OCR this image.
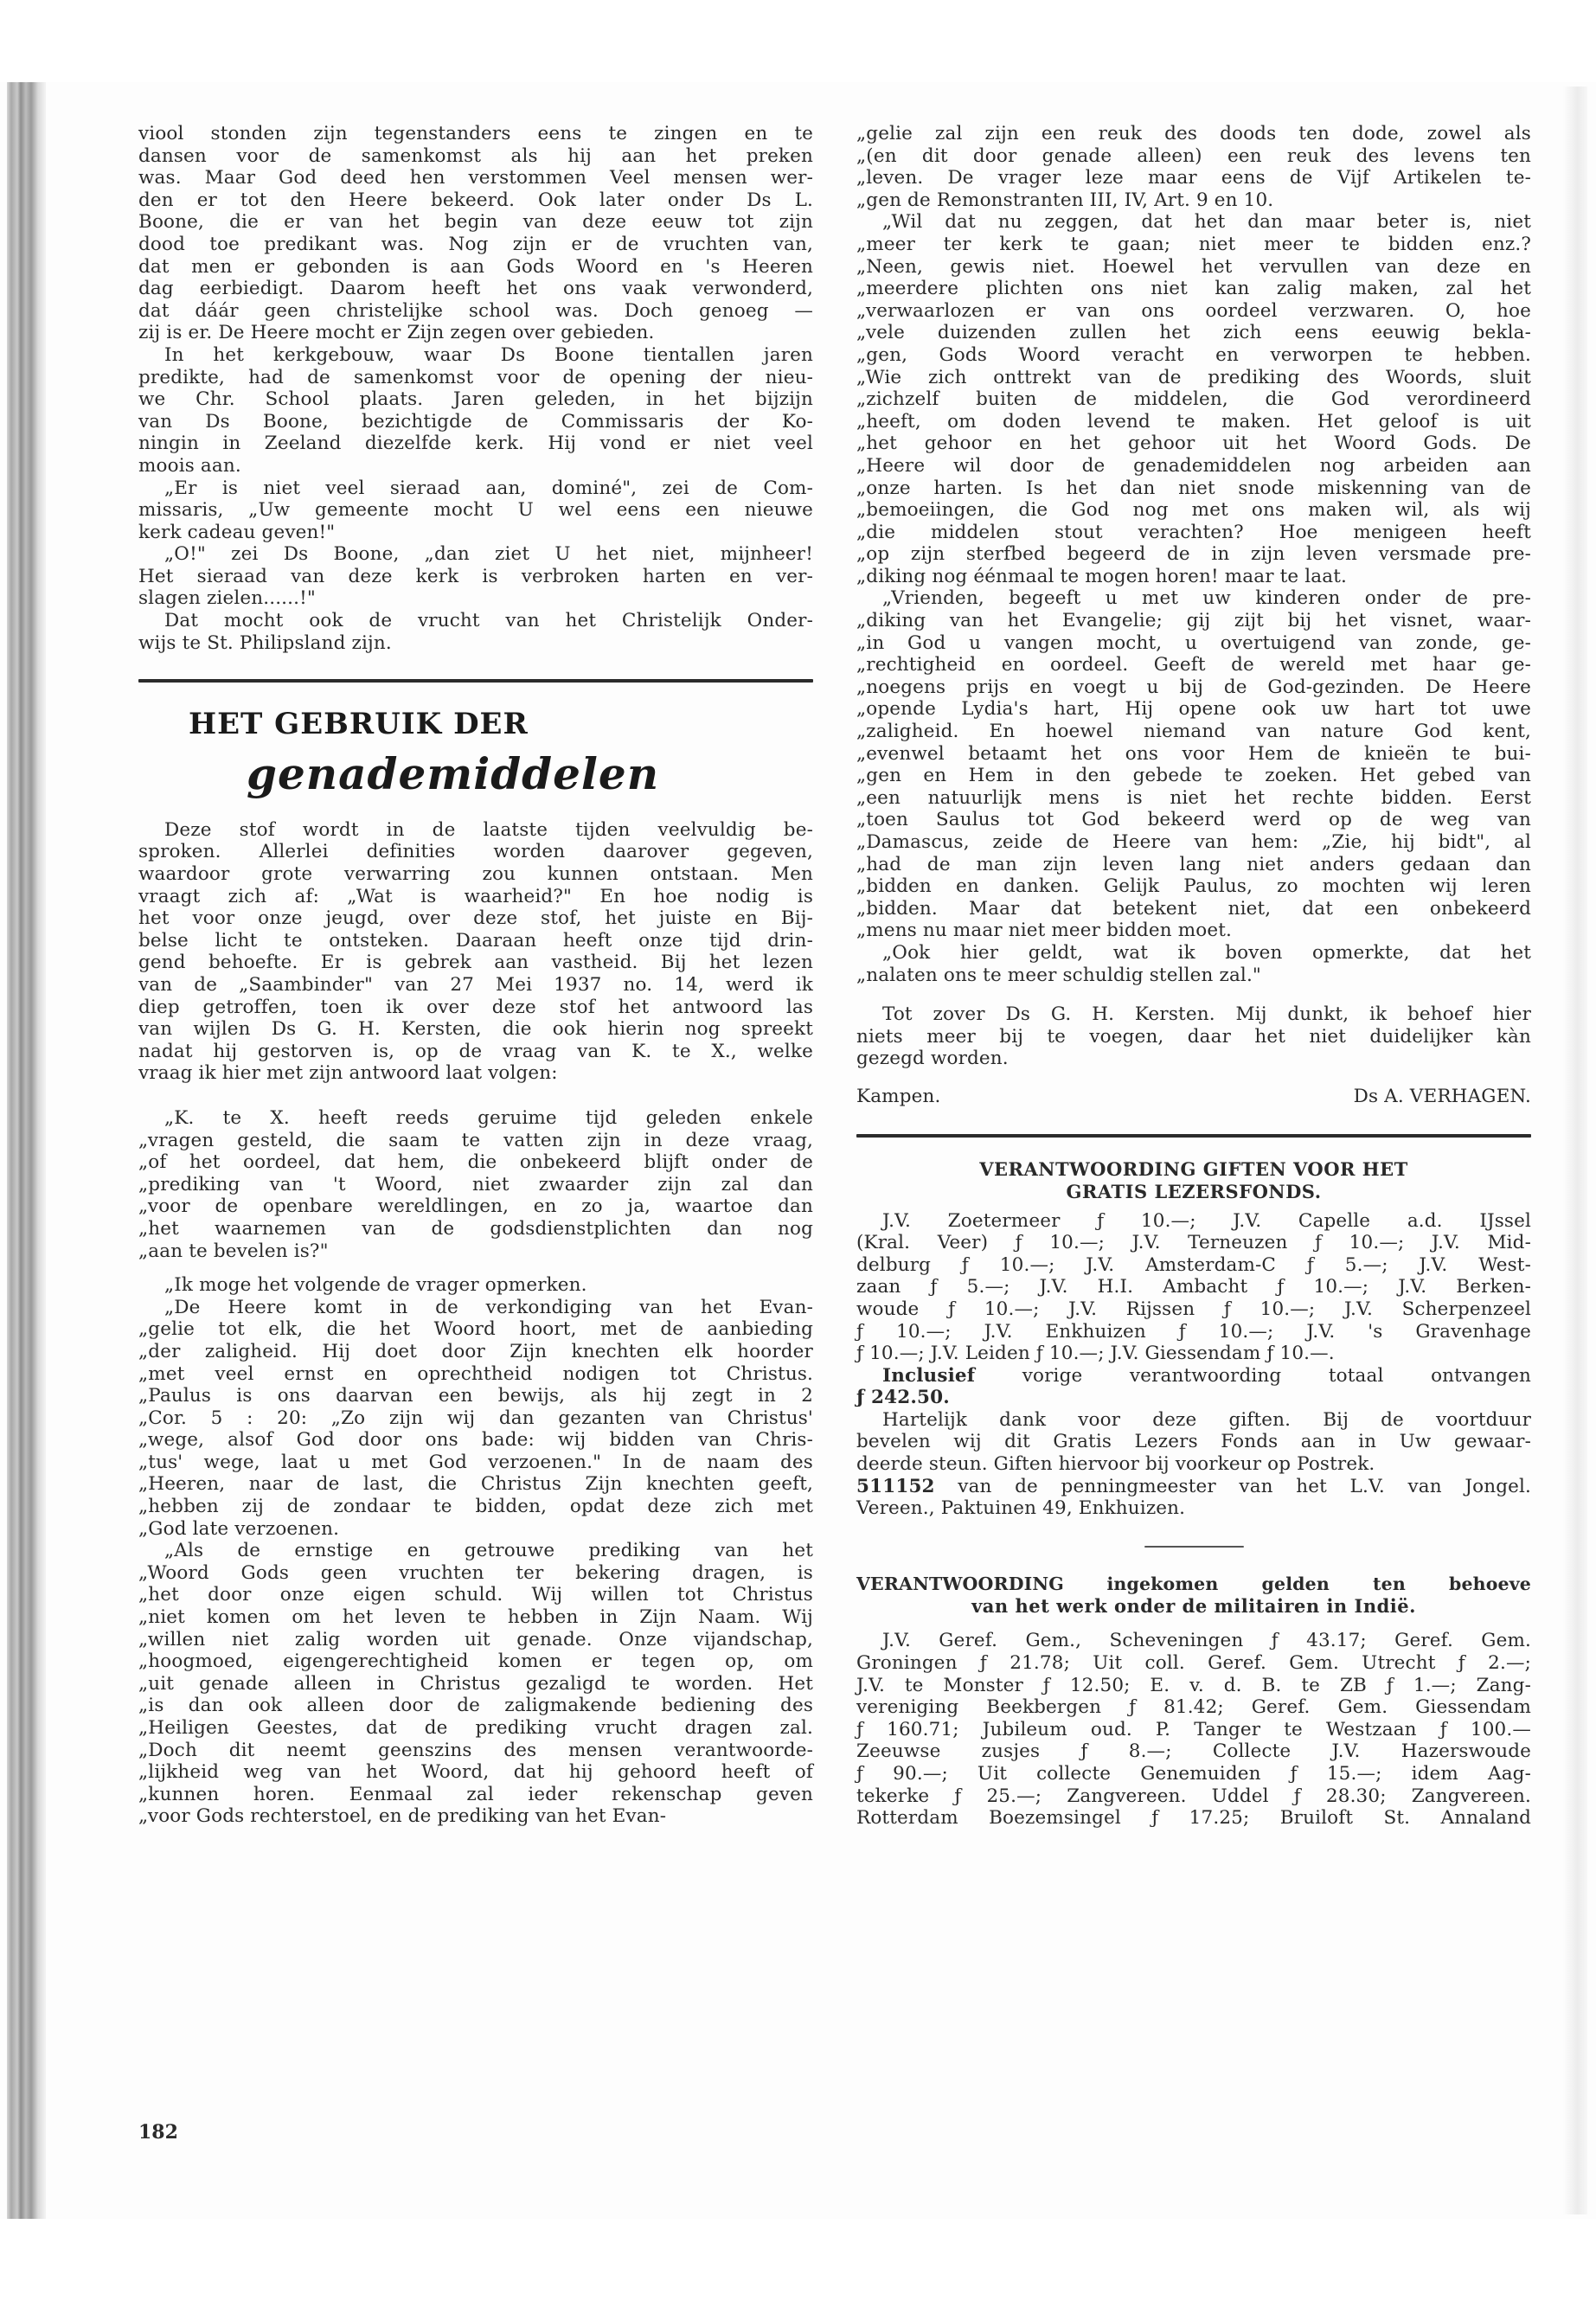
viool stonden zijn tegenstanders eens te zingen en te
dansen voor de samenkomst als hij aan het preken
was. Maar God deed hen verstommen Veel mensen wer-
den er tot den Heere bekeerd. Ook later onder Ds L.
Boone, die er van het begin van deze eeuw tot zijn
dood toe predikant was. Nog zijn er de vruchten van,
dat men er gebonden is aan Gods Woord en 's Heeren
dag eerbiedigt. Daarom heeft het ons vaak verwonderd,
dat dáár geen christelijke school was. Doch genoeg —
zij is er. De Heere mocht er Zijn zegen over gebieden.
In het kerkgebouw, waar Ds Boone tientallen jaren
predikte, had de samenkomst voor de opening der nieu-
we Chr. School plaats. Jaren geleden, in het bijzijn
van Ds Boone, bezichtigde de Commissaris der Ko-
ningin in Zeeland diezelfde kerk. Hij vond er niet veel
moois aan.
„Er is niet veel sieraad aan, dominé", zei de Com-
missaris, „Uw gemeente mocht U wel eens een nieuwe
kerk cadeau geven!"
„O!" zei Ds Boone, „dan ziet U het niet, mijnheer!
Het sieraad van deze kerk is verbroken harten en ver-
slagen zielen......!"
Dat mocht ook de vrucht van het Christelijk Onder-
wijs te St. Philipsland zijn.
HET GEBRUIK DER
genademiddelen
Deze stof wordt in de laatste tijden veelvuldig be-
sproken. Allerlei definities worden daarover gegeven,
waardoor grote verwarring zou kunnen ontstaan. Men
vraagt zich af: „Wat is waarheid?" En hoe nodig is
het voor onze jeugd, over deze stof, het juiste en Bij-
belse licht te ontsteken. Daaraan heeft onze tijd drin-
gend behoefte. Er is gebrek aan vastheid. Bij het lezen
van de „Saambinder" van 27 Mei 1937 no. 14, werd ik
diep getroffen, toen ik over deze stof het antwoord las
van wijlen Ds G. H. Kersten, die ook hierin nog spreekt
nadat hij gestorven is, op de vraag van K. te X., welke
vraag ik hier met zijn antwoord laat volgen:
„K. te X. heeft reeds geruime tijd geleden enkele
„vragen gesteld, die saam te vatten zijn in deze vraag,
„of het oordeel, dat hem, die onbekeerd blijft onder de
„prediking van 't Woord, niet zwaarder zijn zal dan
„voor de openbare wereldlingen, en zo ja, waartoe dan
„het waarnemen van de godsdienstplichten dan nog
„aan te bevelen is?"
„Ik moge het volgende de vrager opmerken.
„De Heere komt in de verkondiging van het Evan-
„gelie tot elk, die het Woord hoort, met de aanbieding
„der zaligheid. Hij doet door Zijn knechten elk hoorder
„met veel ernst en oprechtheid nodigen tot Christus.
„Paulus is ons daarvan een bewijs, als hij zegt in 2
„Cor. 5 : 20: „Zo zijn wij dan gezanten van Christus'
„wege, alsof God door ons bade: wij bidden van Chris-
„tus' wege, laat u met God verzoenen." In de naam des
„Heeren, naar de last, die Christus Zijn knechten geeft,
„hebben zij de zondaar te bidden, opdat deze zich met
„God late verzoenen.
„Als de ernstige en getrouwe prediking van het
„Woord Gods geen vruchten ter bekering dragen, is
„het door onze eigen schuld. Wij willen tot Christus
„niet komen om het leven te hebben in Zijn Naam. Wij
„willen niet zalig worden uit genade. Onze vijandschap,
„hoogmoed, eigengerechtigheid komen er tegen op, om
„uit genade alleen in Christus gezaligd te worden. Het
„is dan ook alleen door de zaligmakende bediening des
„Heiligen Geestes, dat de prediking vrucht dragen zal.
„Doch dit neemt geenszins des mensen verantwoorde-
„lijkheid weg van het Woord, dat hij gehoord heeft of
„kunnen horen. Eenmaal zal ieder rekenschap geven
„voor Gods rechterstoel, en de prediking van het Evan-
182
„gelie zal zijn een reuk des doods ten dode, zowel als
„(en dit door genade alleen) een reuk des levens ten
„leven. De vrager leze maar eens de Vijf Artikelen te-
„gen de Remonstranten III, IV, Art. 9 en 10.
„Wil dat nu zeggen, dat het dan maar beter is, niet
„meer ter kerk te gaan; niet meer te bidden enz.?
„Neen, gewis niet. Hoewel het vervullen van deze en
„meerdere plichten ons niet kan zalig maken, zal het
„verwaarlozen er van ons oordeel verzwaren. O, hoe
„vele duizenden zullen het zich eens eeuwig bekla-
„gen, Gods Woord veracht en verworpen te hebben.
„Wie zich onttrekt van de prediking des Woords, sluit
„zichzelf buiten de middelen, die God verordineerd
„heeft, om doden levend te maken. Het geloof is uit
„het gehoor en het gehoor uit het Woord Gods. De
„Heere wil door de genademiddelen nog arbeiden aan
„onze harten. Is het dan niet snode miskenning van de
„bemoeiingen, die God nog met ons maken wil, als wij
„die middelen stout verachten? Hoe menigeen heeft
„op zijn sterfbed begeerd de in zijn leven versmade pre-
„diking nog éénmaal te mogen horen! maar te laat.
„Vrienden, begeeft u met uw kinderen onder de pre-
„diking van het Evangelie; gij zijt bij het visnet, waar-
„in God u vangen mocht, u overtuigend van zonde, ge-
„rechtigheid en oordeel. Geeft de wereld met haar ge-
„noegens prijs en voegt u bij de God-gezinden. De Heere
„opende Lydia's hart, Hij opene ook uw hart tot uwe
„zaligheid. En hoewel niemand van nature God kent,
„evenwel betaamt het ons voor Hem de knieën te bui-
„gen en Hem in den gebede te zoeken. Het gebed van
„een natuurlijk mens is niet het rechte bidden. Eerst
„toen Saulus tot God bekeerd werd op de weg van
„Damascus, zeide de Heere van hem: „Zie, hij bidt", al
„had de man zijn leven lang niet anders gedaan dan
„bidden en danken. Gelijk Paulus, zo mochten wij leren
„bidden. Maar dat betekent niet, dat een onbekeerd
„mens nu maar niet meer bidden moet.
„Ook hier geldt, wat ik boven opmerkte, dat het
„nalaten ons te meer schuldig stellen zal."
Tot zover Ds G. H. Kersten. Mij dunkt, ik behoef hier
niets meer bij te voegen, daar het niet duidelijker kàn
gezegd worden.
Kampen.	Ds A. VERHAGEN.
VERANTWOORDING GIFTEN VOOR HET
GRATIS LEZERSFONDS.
J.V. Zoetermeer ƒ 10.—; J.V. Capelle a.d. IJssel
(Kral. Veer) ƒ 10.—; J.V. Terneuzen ƒ 10.—; J.V. Mid-
delburg ƒ 10.—; J.V. Amsterdam-C ƒ 5.—; J.V. West-
zaan ƒ 5.—; J.V. H.I. Ambacht ƒ 10.—; J.V. Berken-
woude ƒ 10.—; J.V. Rijssen ƒ 10.—; J.V. Scherpenzeel
ƒ 10.—; J.V. Enkhuizen ƒ 10.—; J.V. 's Gravenhage
ƒ 10.—; J.V. Leiden ƒ 10.—; J.V. Giessendam ƒ 10.—.
Inclusief	vorige verantwoording totaal ontvangen
ƒ 242.50.
Hartelijk dank voor deze giften. Bij de voortduur
bevelen wij dit Gratis Lezers Fonds aan in Uw gewaar-
deerde steun. Giften hiervoor bij voorkeur op Postrek.
511152 van de penningmeester van het L.V. van Jongel.
Vereen., Paktuinen 49, Enkhuizen.
VERANTWOORDING ingekomen gelden ten behoeve
van het werk onder de militairen in Indië.
J.V. Geref. Gem., Scheveningen ƒ 43.17; Geref. Gem.
Groningen ƒ 21.78; Uit coll. Geref. Gem. Utrecht ƒ 2.—;
J.V. te Monster ƒ 12.50; E. v. d. B. te ZB ƒ 1.—; Zang-
vereniging Beekbergen ƒ 81.42; Geref. Gem. Giessendam
ƒ 160.71; Jubileum oud. P. Tanger te Westzaan ƒ 100.—
Zeeuwse zusjes ƒ 8.—; Collecte J.V. Hazerswoude
ƒ 90.—; Uit collecte Genemuiden ƒ 15.—; idem Aag-
tekerke ƒ 25.—; Zangvereen. Uddel ƒ 28.30; Zangvereen.
Rotterdam Boezemsingel ƒ 17.25; Bruiloft St. Annaland
